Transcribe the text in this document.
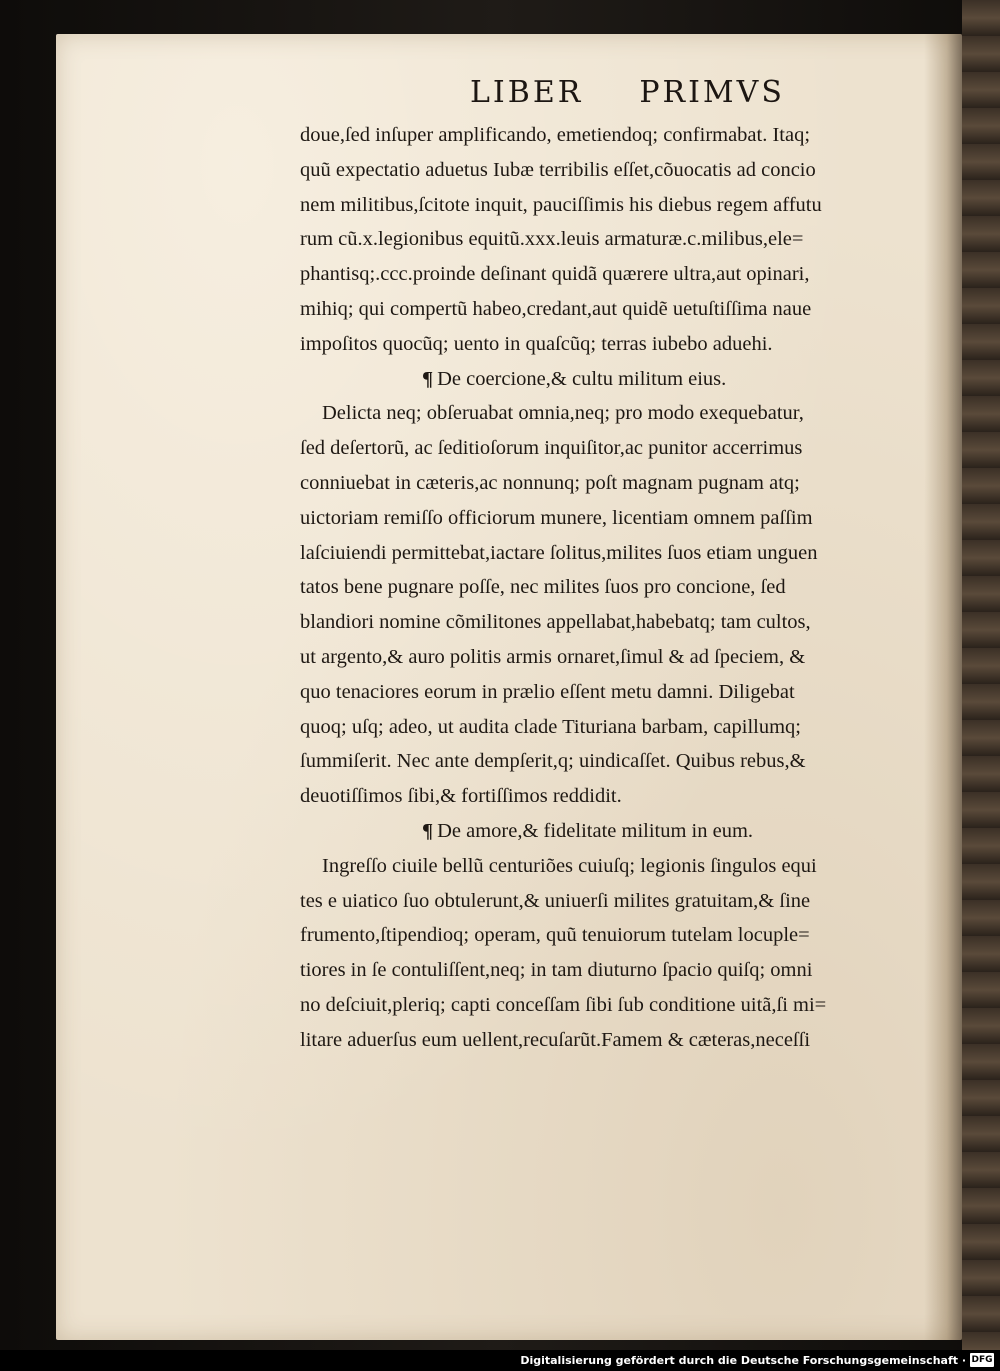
LIBER PRIMVS
doue,ſed inſuper amplificando, emetiendoq; confirmabat. Itaq;
quũ expectatio aduetus Iubæ terribilis eſſet,cõuocatis ad concio
nem militibus,ſcitote inquit, pauciſſimis his diebus regem affutu
rum cũ.x.legionibus equitũ.xxx.leuis armaturæ.c.milibus,ele=
phantisq;.ccc.proinde deſinant quidã quærere ultra,aut opinari,
mihiq; qui compertũ habeo,credant,aut quidẽ uetuſtiſſima naue
impoſitos quocũq; uento in quaſcũq; terras iubebo aduehi.
¶ De coercione,& cultu militum eius.
Delicta neq; obſeruabat omnia,neq; pro modo exequebatur,
ſed deſertorũ, ac ſeditioſorum inquiſitor,ac punitor accerrimus
conniuebat in cæteris,ac nonnunq; poſt magnam pugnam atq;
uictoriam remiſſo officiorum munere, licentiam omnem paſſim
laſciuiendi permittebat,iactare ſolitus,milites ſuos etiam unguen
tatos bene pugnare poſſe, nec milites ſuos pro concione, ſed
blandiori nomine cõmilitones appellabat,habebatq; tam cultos,
ut argento,& auro politis armis ornaret,ſimul & ad ſpeciem, &
quo tenaciores eorum in prælio eſſent metu damni. Diligebat
quoq; uſq; adeo, ut audita clade Tituriana barbam, capillumq;
ſummiſerit. Nec ante dempſerit,q; uindicaſſet. Quibus rebus,&
deuotiſſimos ſibi,& fortiſſimos reddidit.
¶ De amore,& fidelitate militum in eum.
Ingreſſo ciuile bellũ centuriões cuiuſq; legionis ſingulos equi
tes e uiatico ſuo obtulerunt,& uniuerſi milites gratuitam,& ſine
frumento,ſtipendioq; operam, quũ tenuiorum tutelam locuple=
tiores in ſe contuliſſent,neq; in tam diuturno ſpacio quiſq; omni
no deſciuit,pleriq; capti conceſſam ſibi ſub conditione uitã,ſi mi=
litare aduerſus eum uellent,recuſarũt.Famem & cæteras,neceſſi
Digitalisierung gefördert durch die Deutsche Forschungsgemeinschaft · DFG
